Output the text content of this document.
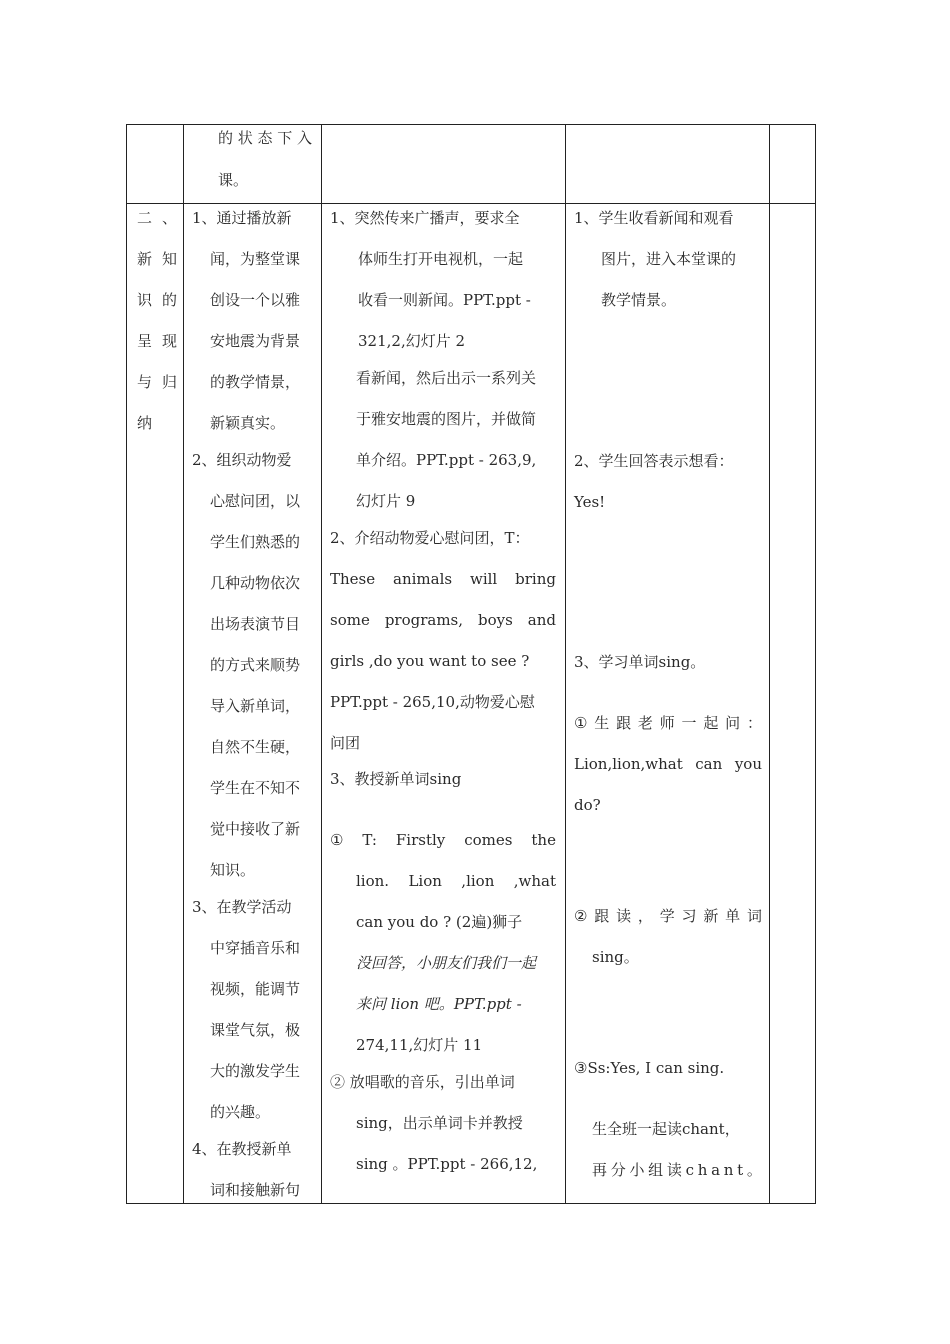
的 状 态 下 入
课。
二 、
新 知
识 的
呈 现
与 归
纳
1、通过播放新
闻，为整堂课
创设一个以雅
安地震为背景
的教学情景，
新颖真实。
2、组织动物爱
心慰问团，以
学生们熟悉的
几种动物依次
出场表演节目
的方式来顺势
导入新单词，
自然不生硬，
学生在不知不
觉中接收了新
知识。
3、在教学活动
中穿插音乐和
视频，能调节
课堂气氛，极
大的激发学生
的兴趣。
4、在教授新单
词和接触新句
1、突然传来广播声，要求全
体师生打开电视机，一起
收看一则新闻。PPT.ppt -
321,2,幻灯片 2
看新闻，然后出示一系列关
于雅安地震的图片，并做简
单介绍。PPT.ppt - 263,9,
幻灯片 9
2、介绍动物爱心慰问团，T：
These animals will bring
some programs, boys and
girls ,do you want to see ?
PPT.ppt - 265,10,动物爱心慰
问团
3、教授新单词sing
① T: Firstly comes the
lion. Lion ,lion ,what
can you do ? (2遍)狮子
没回答，小朋友们我们一起
来问 lion 吧。PPT.ppt -
274,11,幻灯片 11
② 放唱歌的音乐，引出单词
sing，出示单词卡并教授
sing 。PPT.ppt - 266,12,
1、学生收看新闻和观看
图片，进入本堂课的
教学情景。
2、学生回答表示想看：
Yes!
3、学习单词sing。
① 生 跟 老 师 一 起 问 ：
Lion,lion,what can you
do?
② 跟 读 ， 学 习 新 单 词
sing。
③Ss:Yes, I can sing.
生全班一起读chant，
再 分 小 组 读 c h a n t 。
